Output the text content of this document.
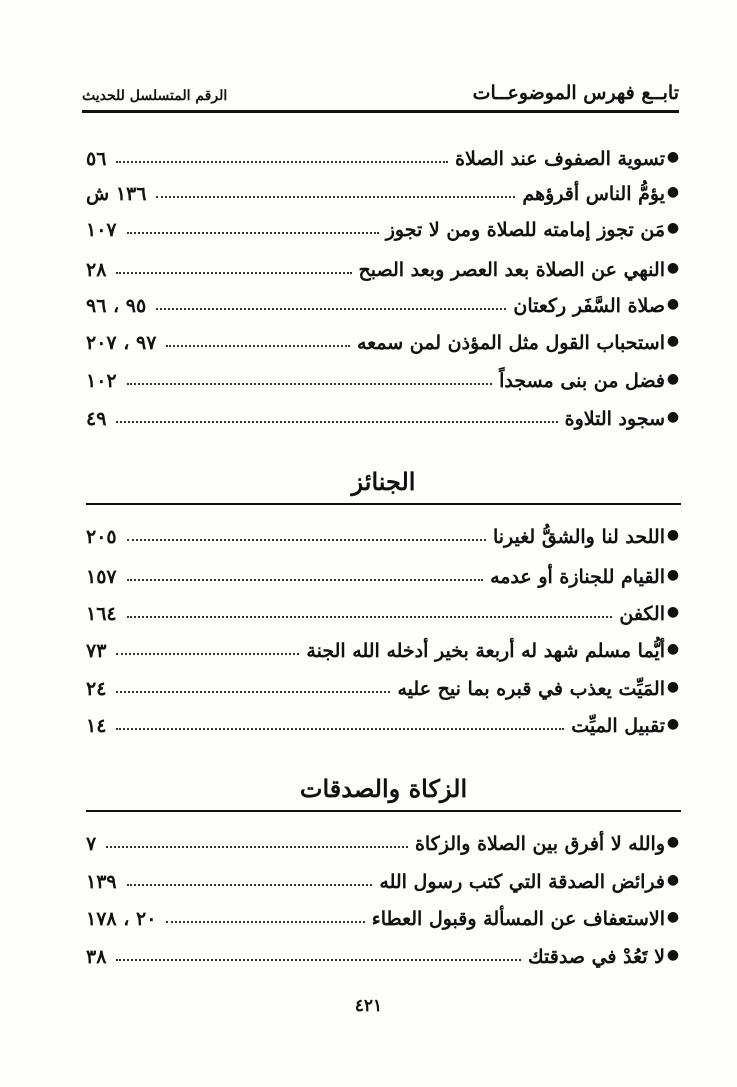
تابــع فهرس الموضوعــات
الرقم المتسلسل للحديث
●
تسوية الصفوف عند الصلاة
٥٦
●
يؤمُّ الناس أقرؤهم
١٣٦ ش
●
مَن تجوز إمامته للصلاة ومن لا تجوز
١٠٧
●
النهي عن الصلاة بعد العصر وبعد الصبح
٢٨
●
صلاة السَّفَر ركعتان
٩٥ ، ٩٦
●
استحباب القول مثل المؤذن لمن سمعه
٩٧ ، ٢٠٧
●
فضل من بنى مسجداً
١٠٢
●
سجود التلاوة
٤٩
الجنائز
●
اللحد لنا والشقُّ لغيرنا
٢٠٥
●
القيام للجنازة أو عدمه
١٥٧
●
الكفن
١٦٤
●
أيُّما مسلم شهد له أربعة بخير أدخله الله الجنة
٧٣
●
المَيِّت يعذب في قبره بما نيح عليه
٢٤
●
تقبيل الميِّت
١٤
الزكاة والصدقات
●
والله لا أفرق بين الصلاة والزكاة
٧
●
فرائض الصدقة التي كتب رسول الله
١٣٩
●
الاستعفاف عن المسألة وقبول العطاء
٢٠ ، ١٧٨
●
لا تَعُدْ في صدقتك
٣٨
٤٢١
